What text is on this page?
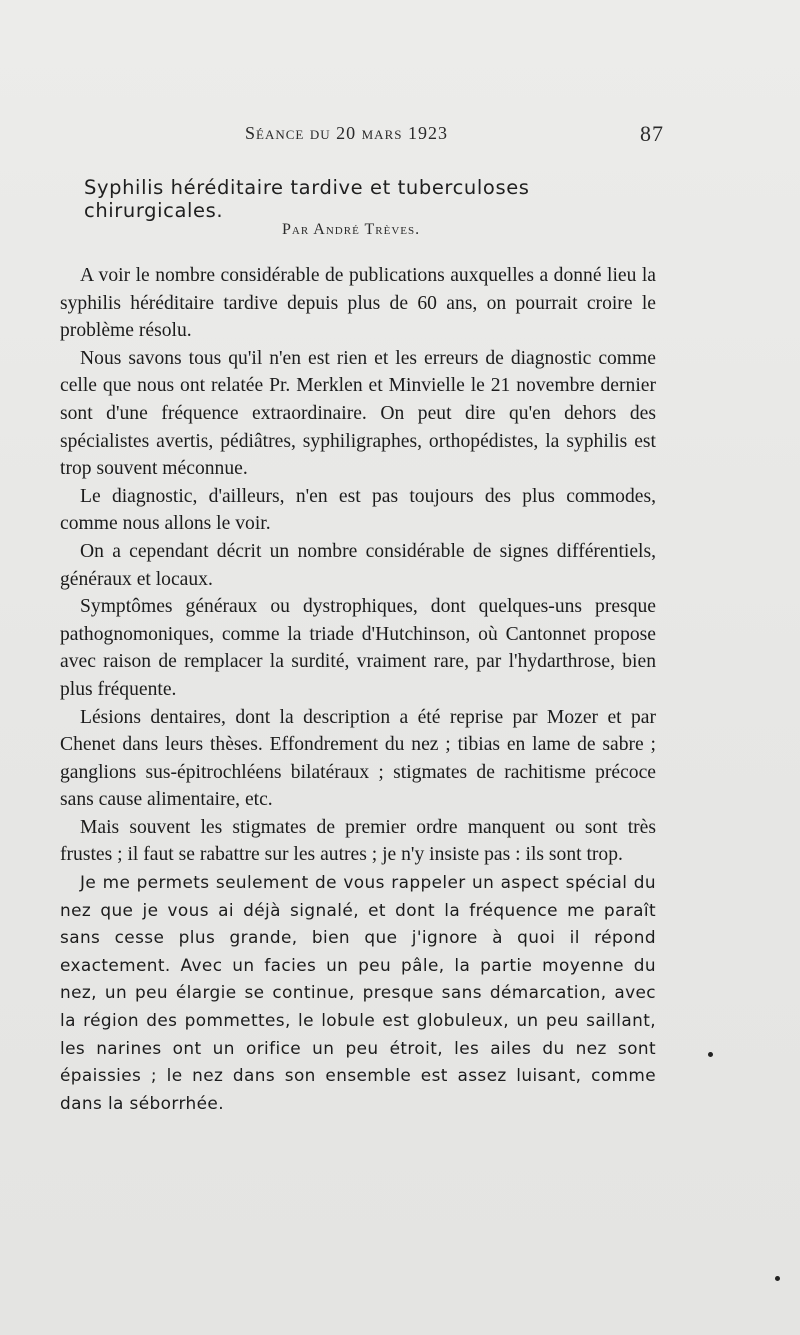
Séance du 20 mars 1923	87
Syphilis héréditaire tardive et tuberculoses chirurgicales.
Par André Trèves.

A voir le nombre considérable de publications auxquelles a donné lieu la syphilis héréditaire tardive depuis plus de 60 ans, on pourrait croire le problème résolu.

Nous savons tous qu'il n'en est rien et les erreurs de diagnostic comme celle que nous ont relatée Pr. Merklen et Minvielle le 21 novembre dernier sont d'une fréquence extraordinaire. On peut dire qu'en dehors des spécialistes avertis, pédiâtres, syphiligraphes, orthopédistes, la syphilis est trop souvent méconnue.

Le diagnostic, d'ailleurs, n'en est pas toujours des plus commodes, comme nous allons le voir.

On a cependant décrit un nombre considérable de signes différentiels, généraux et locaux.

Symptômes généraux ou dystrophiques, dont quelques-uns presque pathognomoniques, comme la triade d'Hutchinson, où Cantonnet propose avec raison de remplacer la surdité, vraiment rare, par l'hydarthrose, bien plus fréquente.

Lésions dentaires, dont la description a été reprise par Mozer et par Chenet dans leurs thèses. Effondrement du nez ; tibias en lame de sabre ; ganglions sus-épitrochléens bilatéraux ; stigmates de rachitisme précoce sans cause alimentaire, etc.

Mais souvent les stigmates de premier ordre manquent ou sont très frustes ; il faut se rabattre sur les autres ; je n'y insiste pas : ils sont trop.

Je me permets seulement de vous rappeler un aspect spécial du nez que je vous ai déjà signalé, et dont la fréquence me paraît sans cesse plus grande, bien que j'ignore à quoi il répond exactement. Avec un facies un peu pâle, la partie moyenne du nez, un peu élargie se continue, presque sans démarcation, avec la région des pommettes, le lobule est globuleux, un peu saillant, les narines ont un orifice un peu étroit, les ailes du nez sont épaissies ; le nez dans son ensemble est assez luisant, comme dans la séborrhée.
